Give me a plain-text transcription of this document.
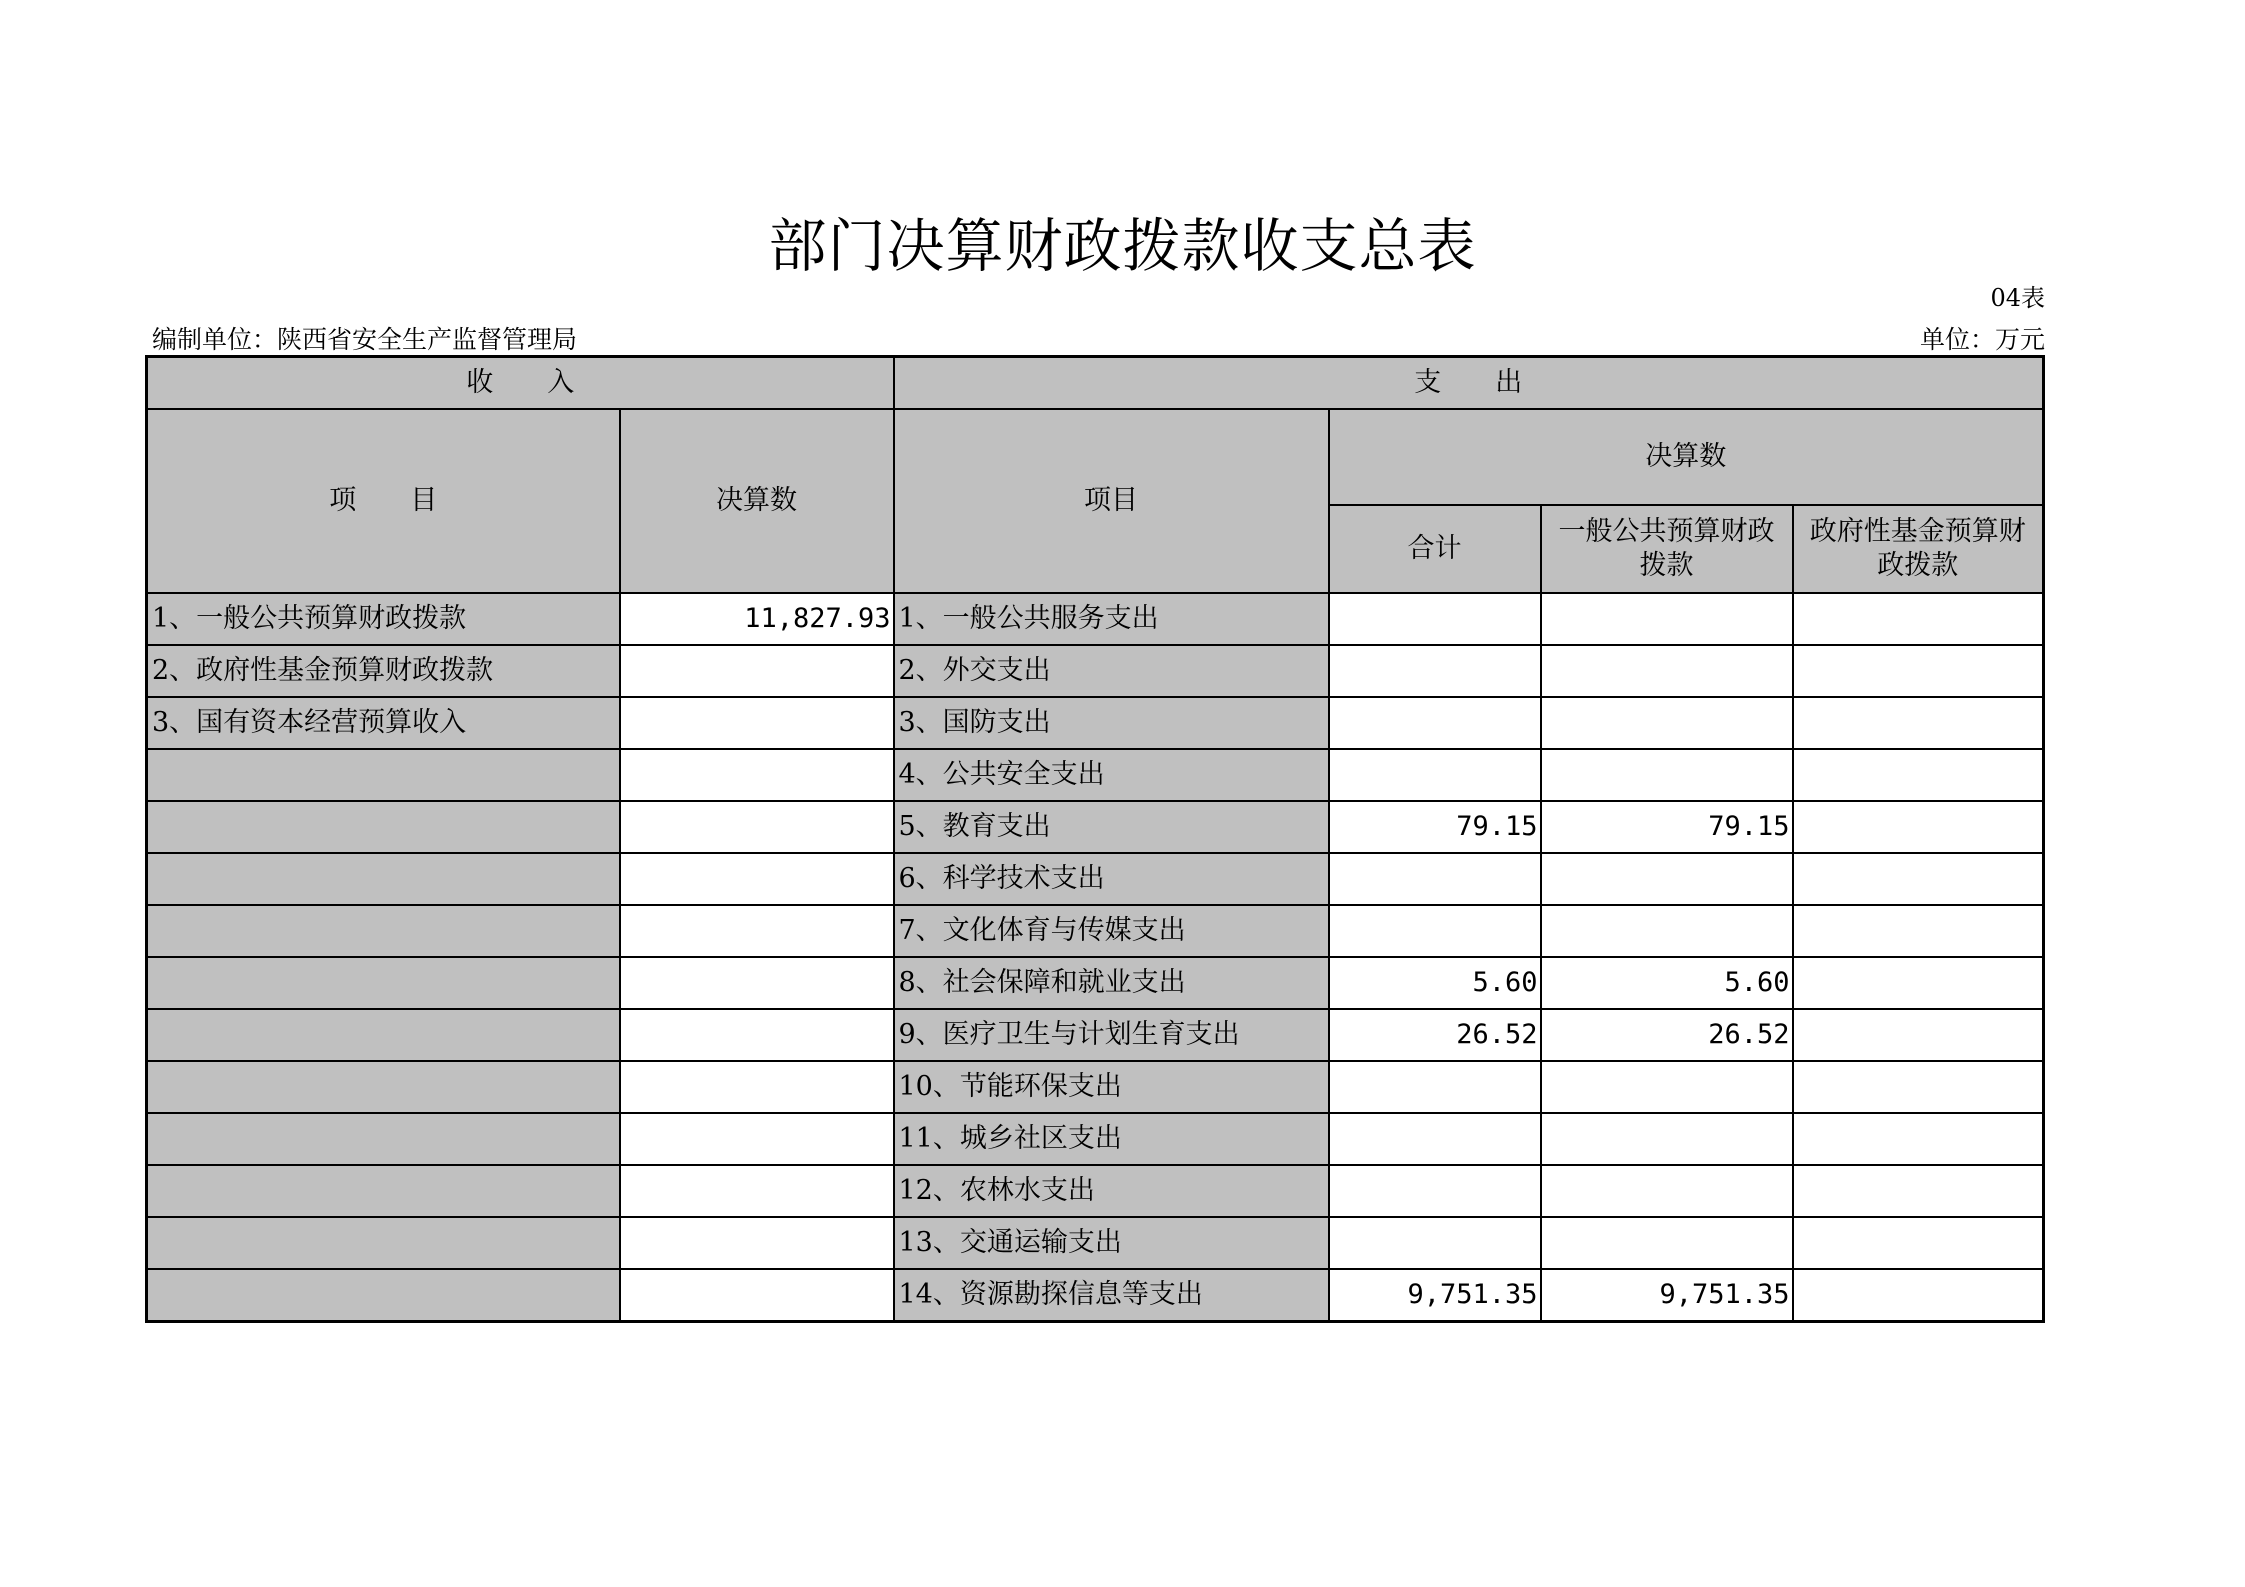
部门决算财政拨款收支总表
04表
编制单位：陕西省安全生产监督管理局	单位：万元
收　　入		支　　出			
项　　目	决算数	项目	决算数		
			合计	一般公共预算财政拨款	政府性基金预算财政拨款
1、一般公共预算财政拨款	11,827.93	1、一般公共服务支出			
2、政府性基金预算财政拨款		2、外交支出			
3、国有资本经营预算收入		3、国防支出			
		4、公共安全支出			
		5、教育支出	79.15	79.15	
		6、科学技术支出			
		7、文化体育与传媒支出			
		8、社会保障和就业支出	5.60	5.60	
		9、医疗卫生与计划生育支出	26.52	26.52	
		10、节能环保支出			
		11、城乡社区支出			
		12、农林水支出			
		13、交通运输支出			
		14、资源勘探信息等支出	9,751.35	9,751.35	
